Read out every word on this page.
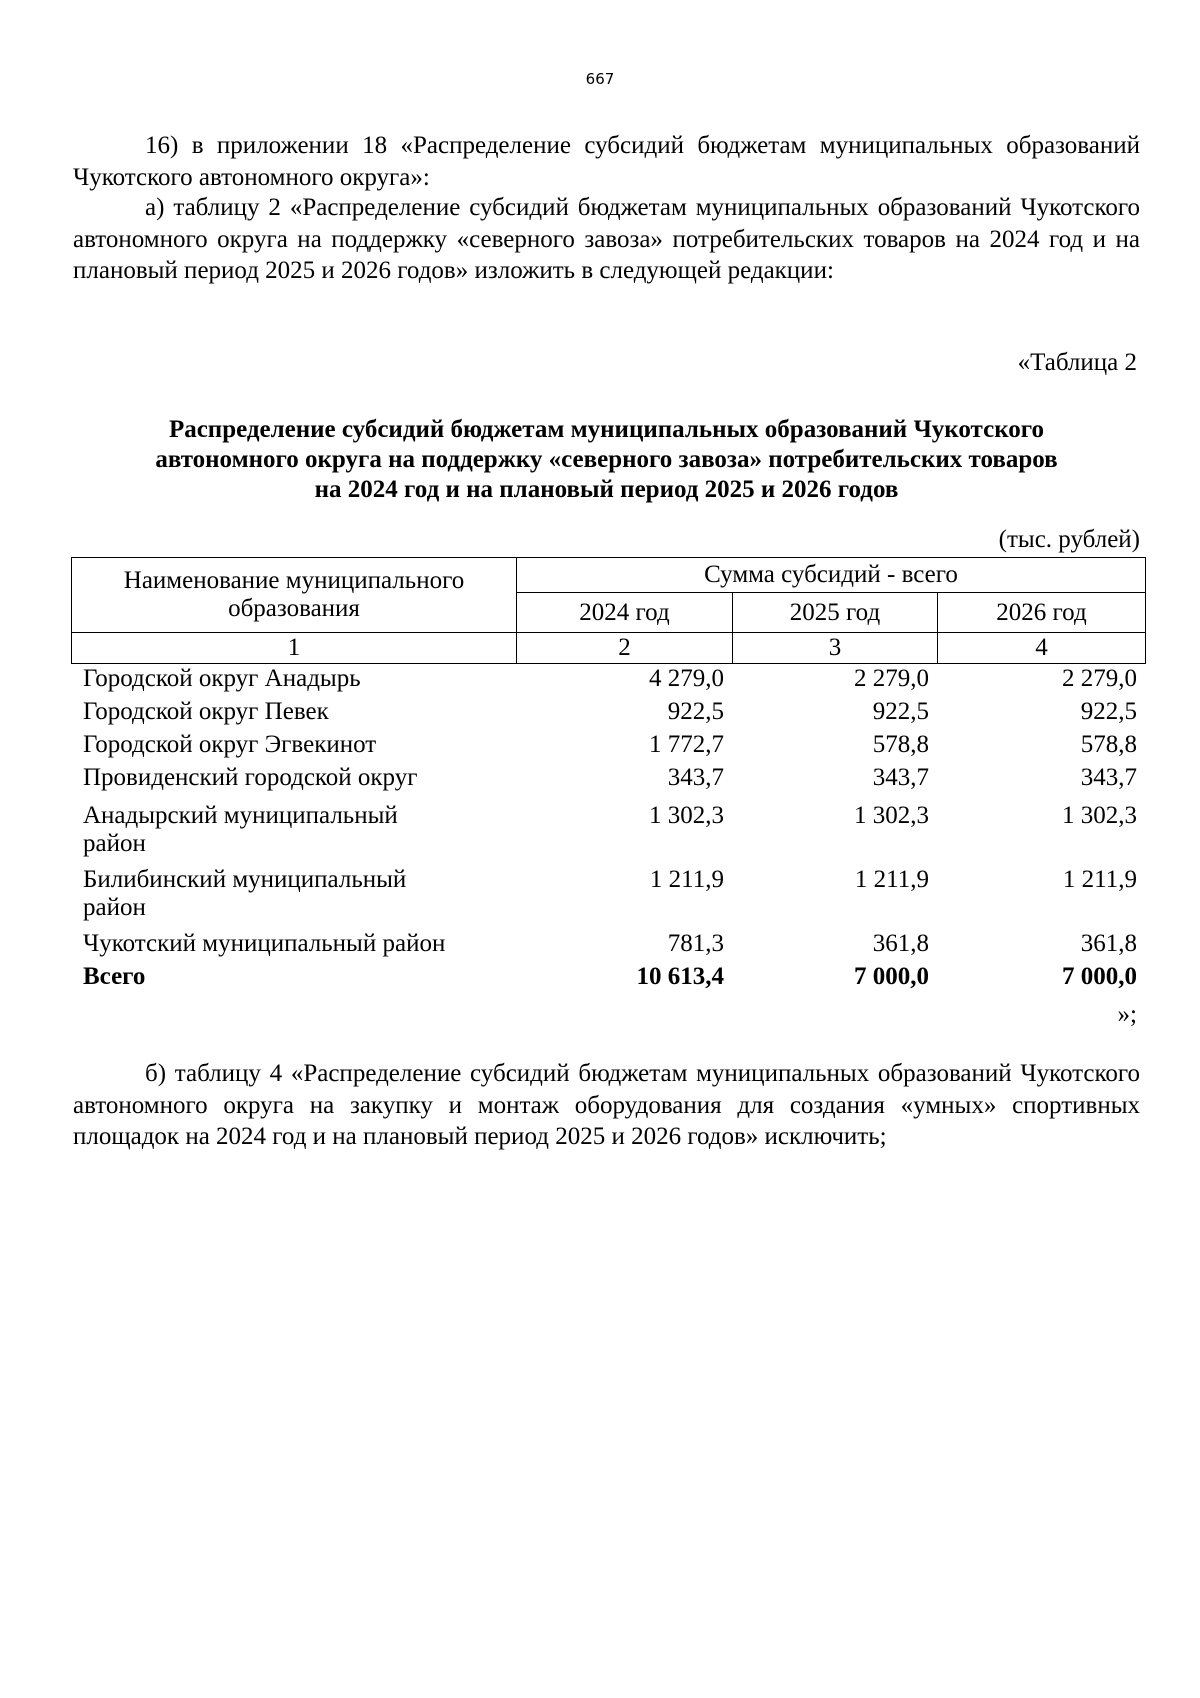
667

16) в приложении 18 «Распределение субсидий бюджетам муниципальных образований Чукотского автономного округа»:

а) таблицу 2 «Распределение субсидий бюджетам муниципальных образований Чукотского автономного округа на поддержку «северного завоза» потребительских товаров на 2024 год и на плановый период 2025 и 2026 годов» изложить в следующей редакции:

«Таблица 2
Распределение субсидий бюджетам муниципальных образований Чукотского
автономного округа на поддержку «северного завоза» потребительских товаров
на 2024 год и на плановый период 2025 и 2026 годов
(тыс. рублей)
Наименование муниципального образования	Сумма субсидий - всего		
	2024 год	2025 год	2026 год
1	2	3	4
Городской округ Анадырь	4 279,0	2 279,0	2 279,0
Городской округ Певек	922,5	922,5	922,5
Городской округ Эгвекинот	1 772,7	578,8	578,8
Провиденский городской округ	343,7	343,7	343,7
Анадырский муниципальный район	1 302,3	1 302,3	1 302,3
Билибинский муниципальный район	1 211,9	1 211,9	1 211,9
Чукотский муниципальный район	781,3	361,8	361,8
Всего	10 613,4	7 000,0	7 000,0
»;

б) таблицу 4 «Распределение субсидий бюджетам муниципальных образований Чукотского автономного округа на закупку и монтаж оборудования для создания «умных» спортивных площадок на 2024 год и на плановый период 2025 и 2026 годов» исключить;
